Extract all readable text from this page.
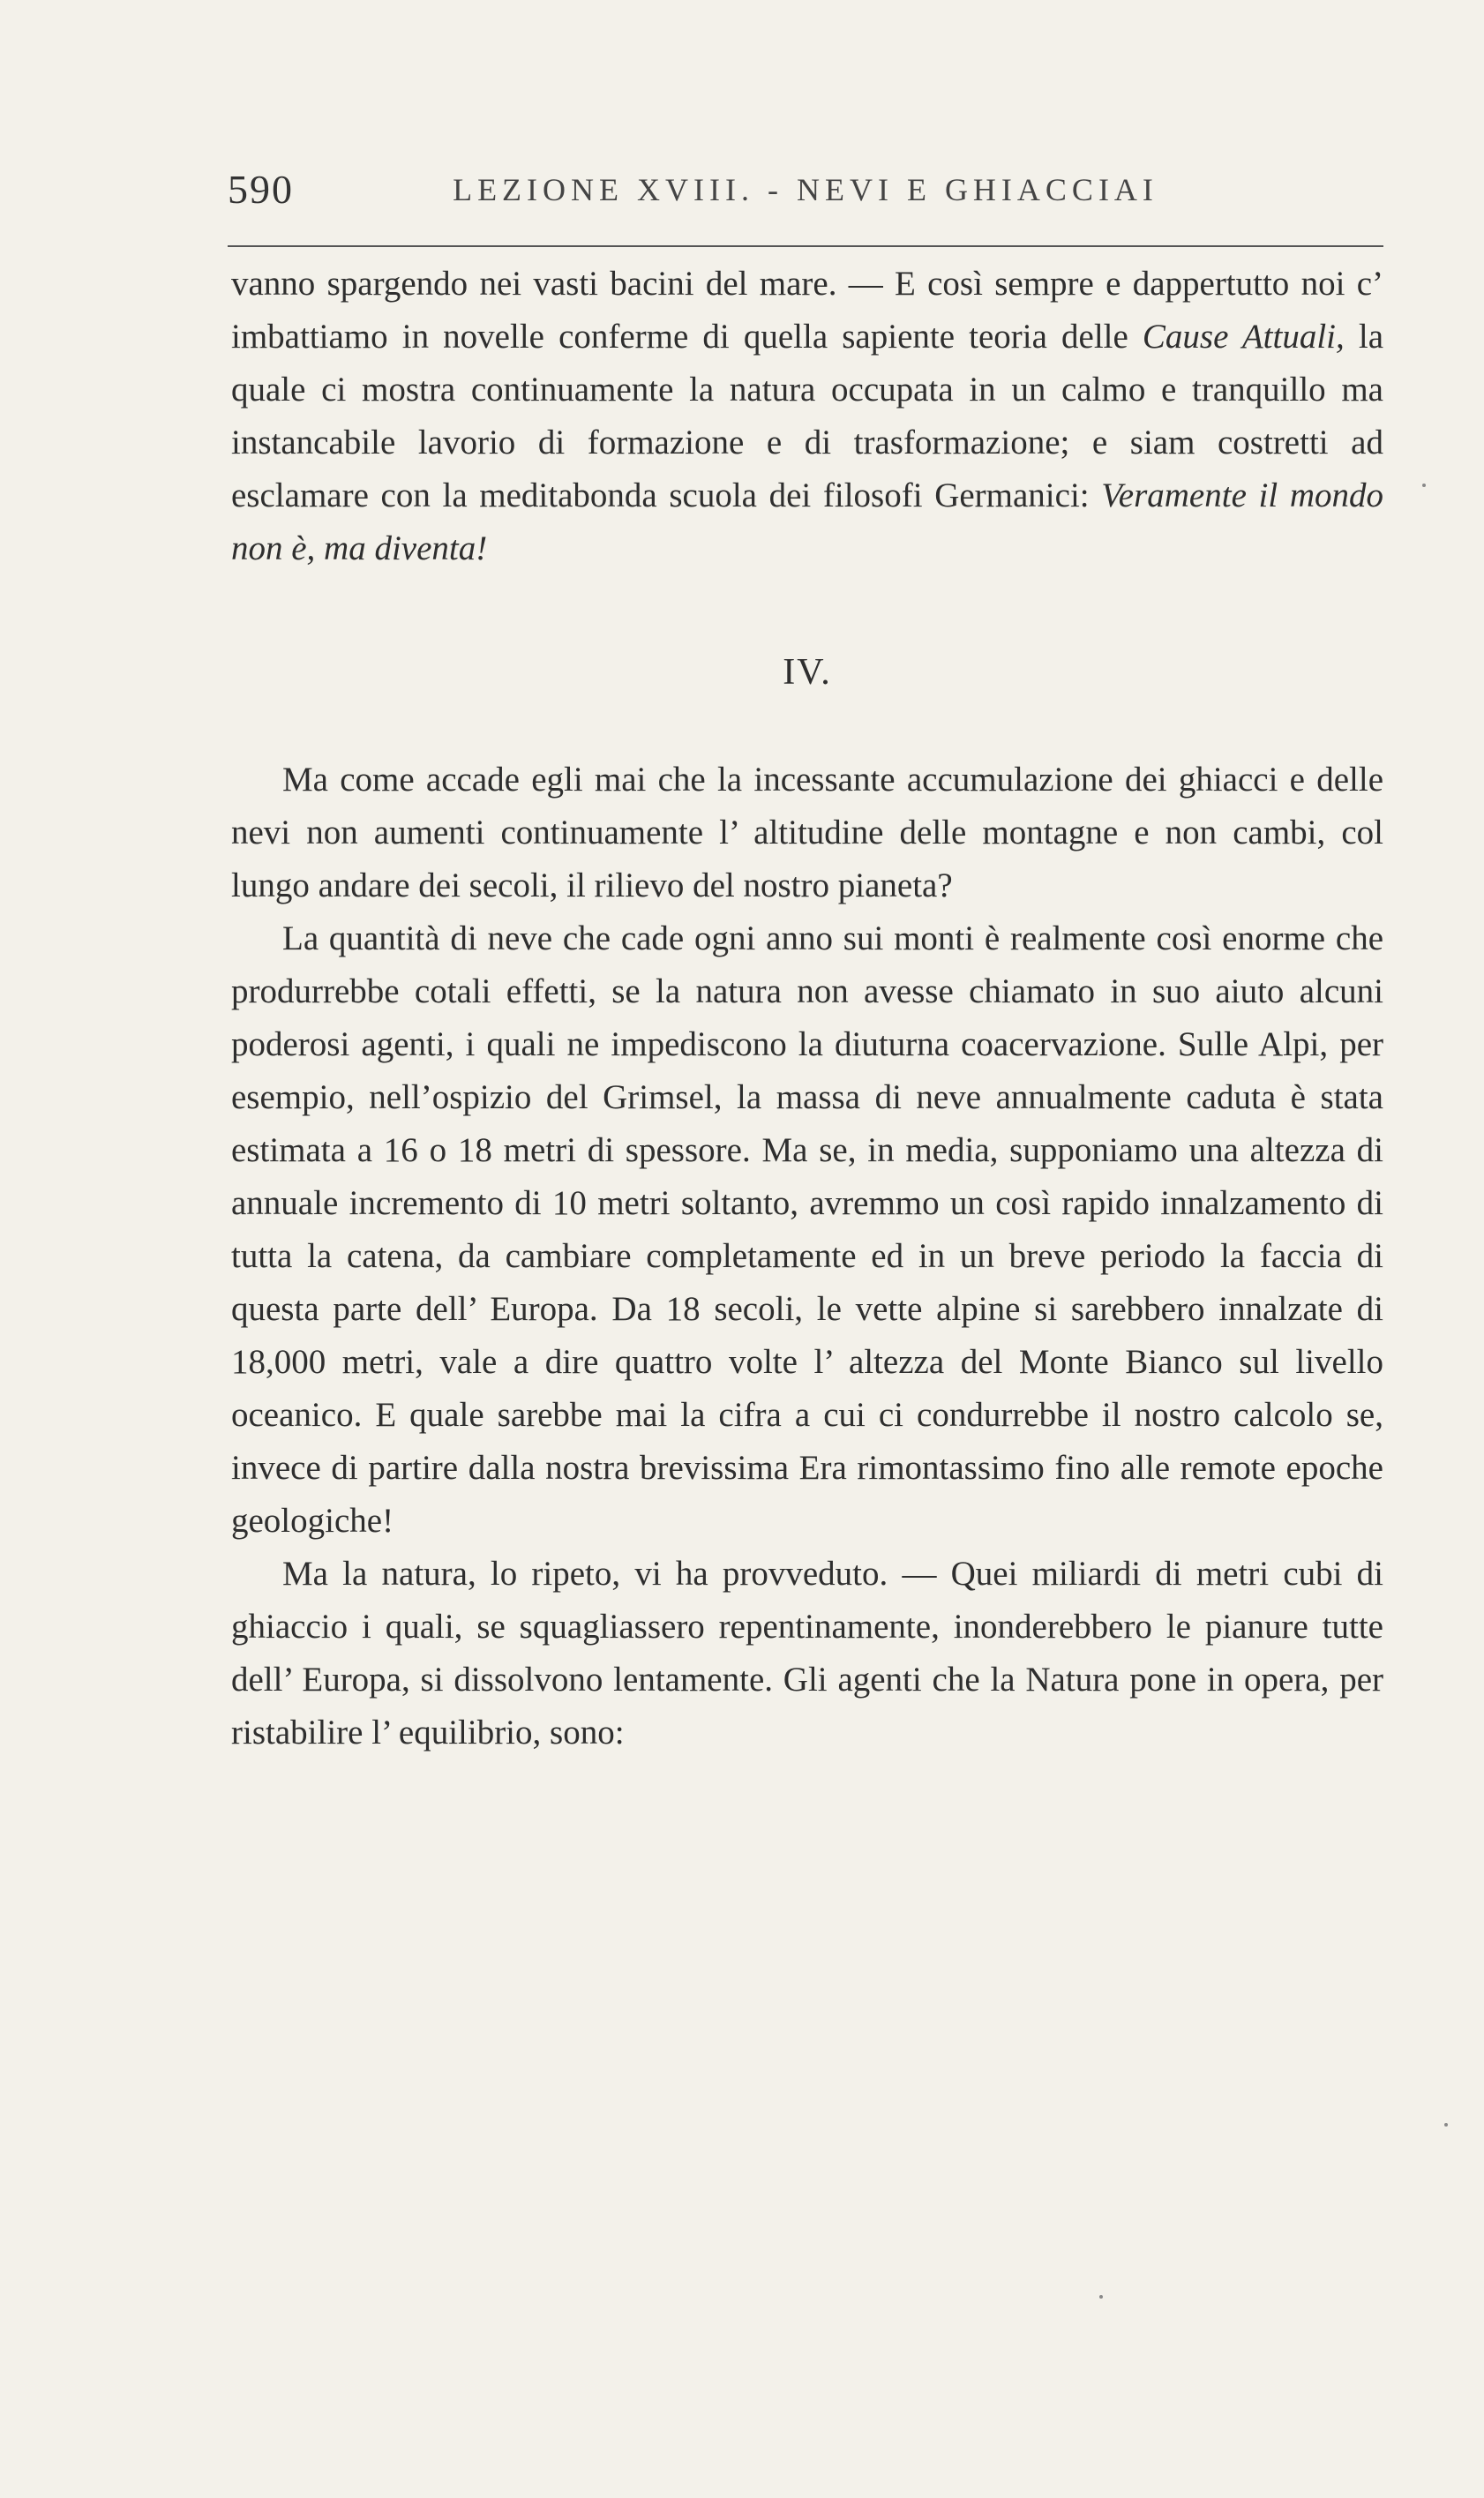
590	LEZIONE XVIII. - NEVI E GHIACCIAI

vanno spargendo nei vasti bacini del mare. — E così sempre e dappertutto noi c’ imbattiamo in novelle conferme di quella sapiente teoria delle Cause Attuali, la quale ci mostra continuamente la natura occupata in un calmo e tranquillo ma instancabile lavorio di formazione e di trasformazione; e siam costretti ad esclamare con la meditabonda scuola dei filosofi Germanici: Veramente il mondo non è, ma diventa!

IV.

Ma come accade egli mai che la incessante accumulazione dei ghiacci e delle nevi non aumenti continuamente l’ altitudine delle montagne e non cambi, col lungo andare dei secoli, il rilievo del nostro pianeta?

La quantità di neve che cade ogni anno sui monti è realmente così enorme che produrrebbe cotali effetti, se la natura non avesse chiamato in suo aiuto alcuni poderosi agenti, i quali ne impediscono la diuturna coacervazione. Sulle Alpi, per esempio, nell’ospizio del Grimsel, la massa di neve annualmente caduta è stata estimata a 16 o 18 metri di spessore. Ma se, in media, supponiamo una altezza di annuale incremento di 10 metri soltanto, avremmo un così rapido innalzamento di tutta la catena, da cambiare completamente ed in un breve periodo la faccia di questa parte dell’ Europa. Da 18 secoli, le vette alpine si sarebbero innalzate di 18,000 metri, vale a dire quattro volte l’ altezza del Monte Bianco sul livello oceanico. E quale sarebbe mai la cifra a cui ci condurrebbe il nostro calcolo se, invece di partire dalla nostra brevissima Era rimontassimo fino alle remote epoche geologiche!

Ma la natura, lo ripeto, vi ha provveduto. — Quei miliardi di metri cubi di ghiaccio i quali, se squagliassero repentinamente, inonderebbero le pianure tutte dell’ Europa, si dissolvono lentamente. Gli agenti che la Natura pone in opera, per ristabilire l’ equilibrio, sono:
